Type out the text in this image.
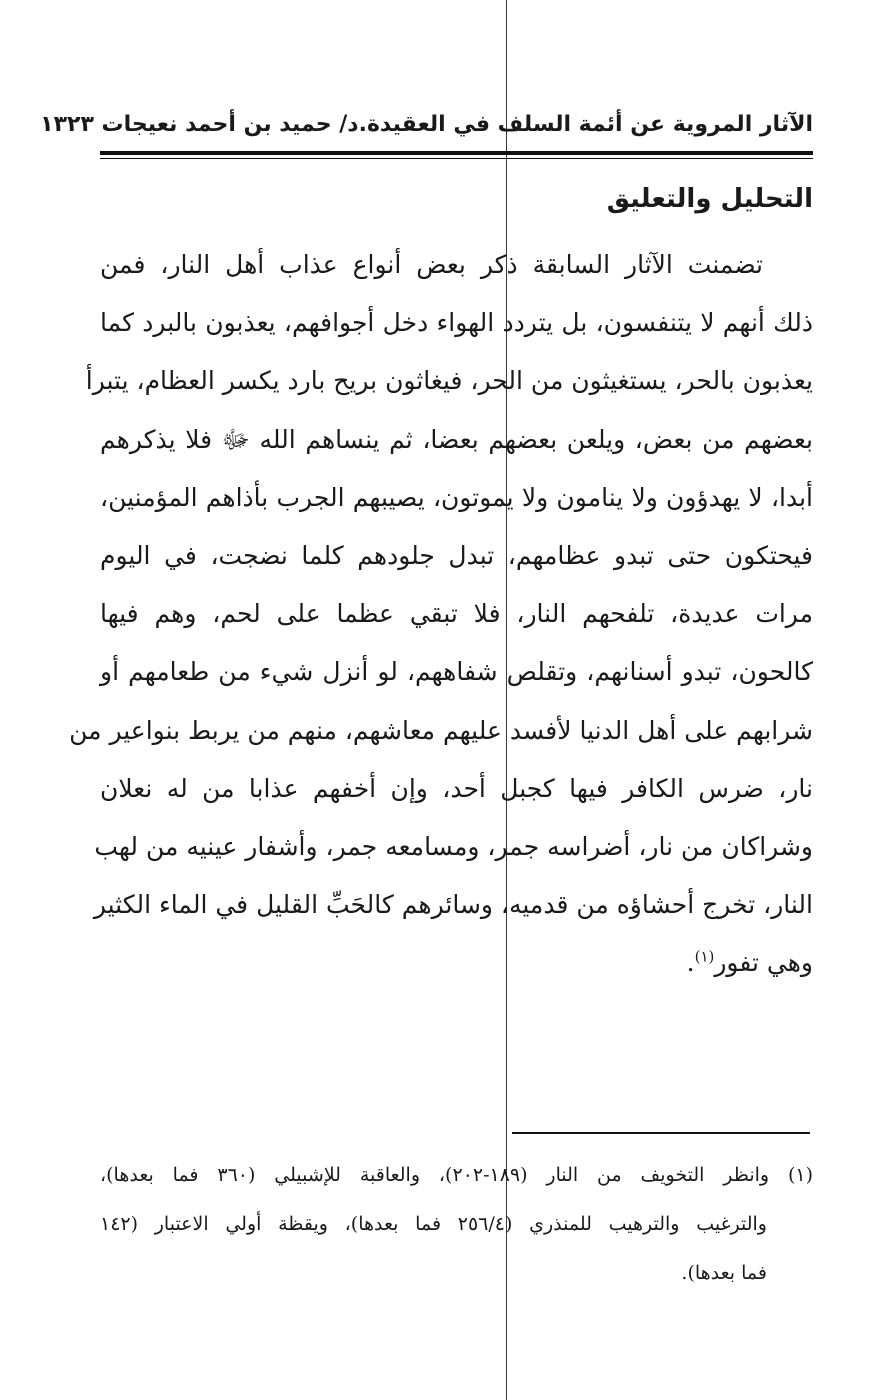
الآثار المروية عن أئمة السلف في العقيدة.د/ حميد بن أحمد نعيجات ١٣٢٣
التحليل والتعليق
تضمنت الآثار السابقة ذكر بعض أنواع عذاب أهل النار، فمن
ذلك أنهم لا يتنفسون، بل يتردد الهواء دخل أجوافهم، يعذبون بالبرد كما
يعذبون بالحر، يستغيثون من الحر، فيغاثون بريح بارد يكسر العظام، يتبرأ
بعضهم من بعض، ويلعن بعضهم بعضا، ثم ينساهم الله ﷻ فلا يذكرهم
أبدا، لا يهدؤون ولا ينامون ولا يموتون، يصيبهم الجرب بأذاهم المؤمنين،
فيحتكون حتى تبدو عظامهم، تبدل جلودهم كلما نضجت، في اليوم
مرات عديدة، تلفحهم النار، فلا تبقي عظما على لحم، وهم فيها
كالحون، تبدو أسنانهم، وتقلص شفاههم، لو أنزل شيء من طعامهم أو
شرابهم على أهل الدنيا لأفسد عليهم معاشهم، منهم من يربط بنواعير من
نار، ضرس الكافر فيها كجبل أحد، وإن أخفهم عذابا من له نعلان
وشراكان من نار، أضراسه جمر، ومسامعه جمر، وأشفار عينيه من لهب
النار، تخرج أحشاؤه من قدميه، وسائرهم كالحَبِّ القليل في الماء الكثير
وهي تفور$^{(١)}$.
(١) وانظر التخويف من النار (١٨٩-٢٠٢)، والعاقبة للإشبيلي (٣٦٠ فما بعدها)،
والترغيب والترهيب للمنذري (٢٥٦/٤ فما بعدها)، ويقظة أولي الاعتبار (١٤٢
فما بعدها).
